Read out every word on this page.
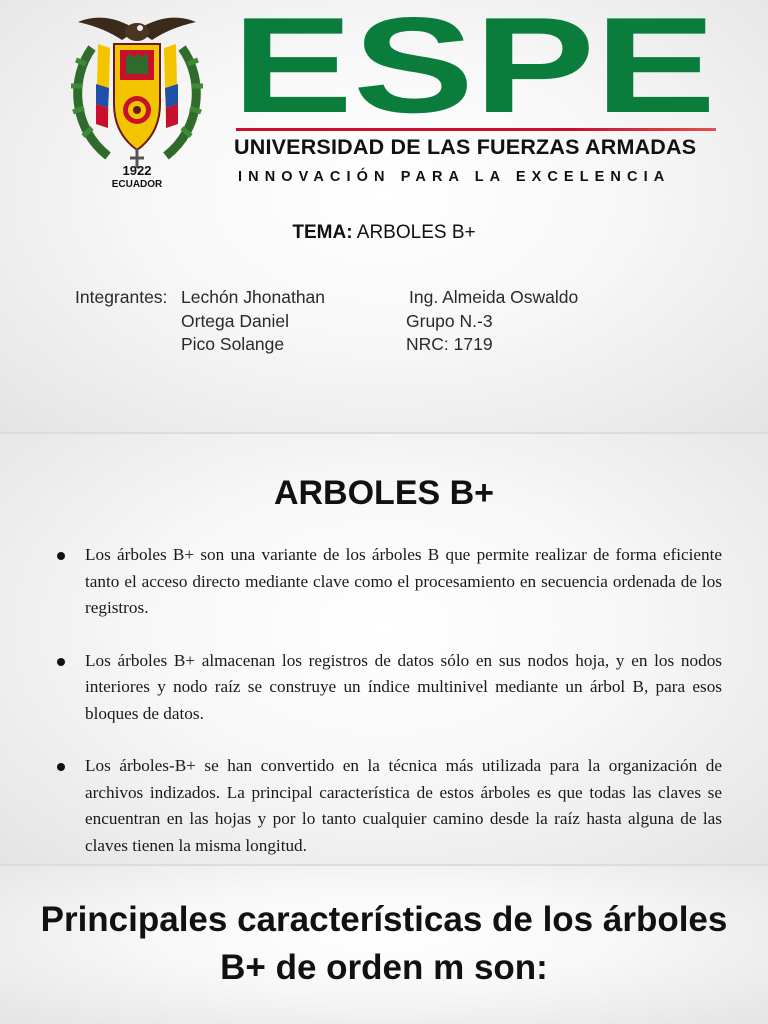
1922
ECUADOR
ESPE
UNIVERSIDAD DE LAS FUERZAS ARMADAS
INNOVACIÓN PARA LA EXCELENCIA
TEMA: ARBOLES B+
Integrantes: Lechón Jhonathan
Ortega Daniel
Pico Solange
Ing. Almeida Oswaldo
Grupo N.-3
NRC: 1719
ARBOLES B+
Los árboles B+ son una variante de los árboles B que permite realizar de forma eficiente tanto el acceso directo mediante clave como el procesamiento en secuencia ordenada de los registros.
Los árboles B+ almacenan los registros de datos sólo en sus nodos hoja, y en los nodos interiores y nodo raíz se construye un índice multinivel mediante un árbol B, para esos bloques de datos.
Los árboles-B+ se han convertido en la técnica más utilizada para la organización de archivos indizados. La principal característica de estos árboles es que todas las claves se encuentran en las hojas y por lo tanto cualquier camino desde la raíz hasta alguna de las claves tienen la misma longitud.
Principales características de los árboles B+ de orden m son:
